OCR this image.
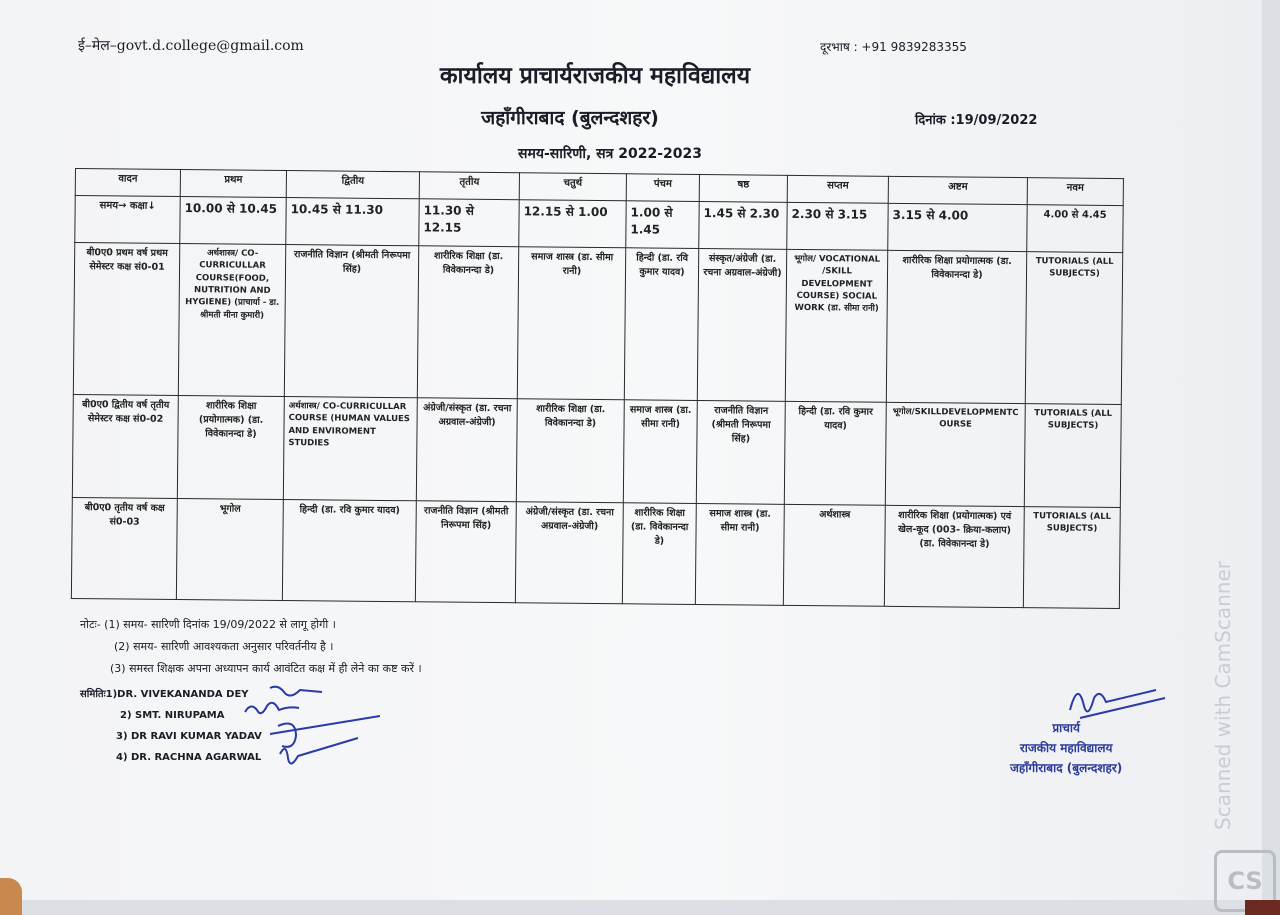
ई–मेल–govt.d.college@gmail.com	दूरभाष : +91 9839283355
कार्यालय प्राचार्यराजकीय महाविद्यालय
जहाँगीराबाद (बुलन्दशहर)	दिनांक :19/09/2022
समय-सारिणी, सत्र 2022-2023
वादन	प्रथम	द्वितीय	तृतीय	चतुर्थ	पंचम	षष्ठ	सप्तम	अष्टम	नवम
समय→ कक्षा↓	10.00 से 10.45	10.45 से 11.30	11.30 से 12.15	12.15 से 1.00	1.00 से 1.45	1.45 से 2.30	2.30 से 3.15	3.15 से 4.00	4.00 से 4.45
बी0ए0 प्रथम वर्ष प्रथम सेमेस्टर कक्ष सं0-01	अर्थशास्त्र/ CO-CURRICULLAR COURSE(FOOD, NUTRITION AND HYGIENE) (प्राचार्या - डा. श्रीमती मीना कुमारी)	राजनीति विज्ञान (श्रीमती निरूपमा सिंह)	शारीरिक शिक्षा (डा. विवेकानन्दा डे)	समाज शास्त्र (डा. सीमा रानी)	हिन्दी (डा. रवि कुमार यादव)	संस्कृत/अंग्रेजी (डा. रचना अग्रवाल-अंग्रेजी)	भूगोल/ VOCATIONAL /SKILL DEVELOPMENT COURSE) SOCIAL WORK (डा. सीमा रानी)	शारीरिक शिक्षा प्रयोगात्मक (डा. विवेकानन्दा डे)	TUTORIALS (ALL SUBJECTS)
बी0ए0 द्वितीय वर्ष तृतीय सेमेस्टर कक्ष सं0-02	शारीरिक शिक्षा (प्रयोगात्मक) (डा. विवेकानन्दा डे)	अर्थशास्त्र/ CO-CURRICULLAR COURSE (HUMAN VALUES AND ENVIROMENT STUDIES	अंग्रेजी/संस्कृत (डा. रचना अग्रवाल-अंग्रेजी)	शारीरिक शिक्षा (डा. विवेकानन्दा डे)	समाज शास्त्र (डा. सीमा रानी)	राजनीति विज्ञान (श्रीमती निरूपमा सिंह)	हिन्दी (डा. रवि कुमार यादव)	भूगोल/SKILLDEVELOPMENTCOURSE	TUTORIALS (ALL SUBJECTS)
बी0ए0 तृतीय वर्ष कक्ष सं0-03	भूगोल	हिन्दी (डा. रवि कुमार यादव)	राजनीति विज्ञान (श्रीमती निरूपमा सिंह)	अंग्रेजी/संस्कृत (डा. रचना अग्रवाल-अंग्रेजी)	शारीरिक शिक्षा (डा. विवेकानन्दा डे)	समाज शास्त्र (डा. सीमा रानी)	अर्थशास्त्र	शारीरिक शिक्षा (प्रयोगात्मक) एवं खेल-कूद (003- क्रिया-कलाप) (डा. विवेकानन्दा डे)	TUTORIALS (ALL SUBJECTS)
नोटः- (1) समय- सारिणी दिनांक 19/09/2022 से लागू होगी ।
(2) समय- सारिणी आवश्यकता अनुसार परिवर्तनीय है ।
(3) समस्त शिक्षक अपना अध्यापन कार्य आवंटित कक्ष में ही लेने का कष्ट करें ।
समितिः1)DR. VIVEKANANDA DEY
2) SMT. NIRUPAMA
3) DR RAVI KUMAR YADAV
4) DR. RACHNA AGARWAL
प्राचार्य
राजकीय महाविद्यालय
जहाँगीराबाद (बुलन्दशहर)	Scanned with CamScanner
CS
